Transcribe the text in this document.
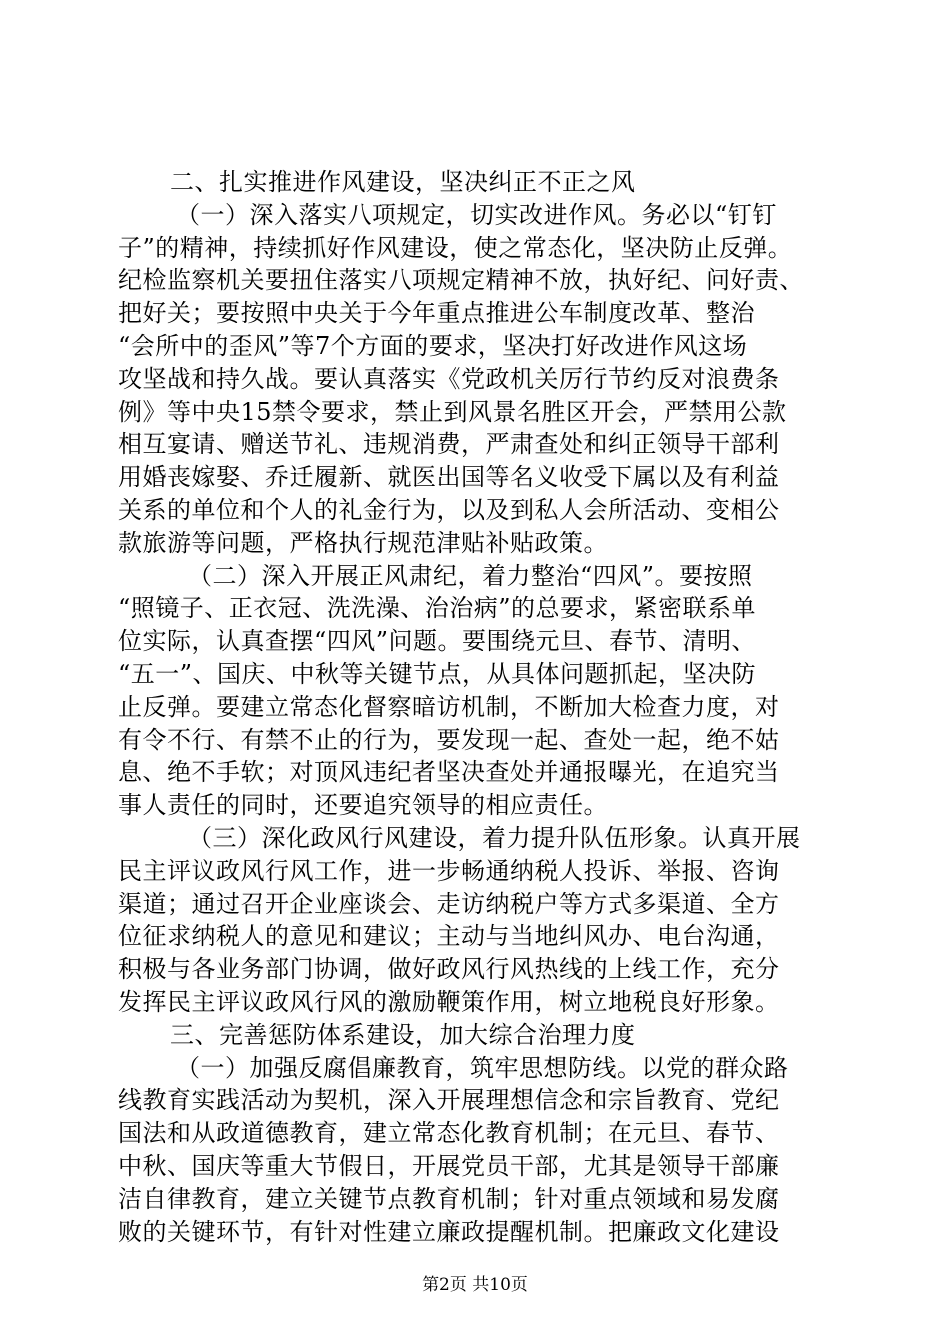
二、扎实推进作风建设，坚决纠正不正之风
（一）深入落实八项规定，切实改进作风。务必以“钉钉
子”的精神，持续抓好作风建设，使之常态化，坚决防止反弹。
纪检监察机关要扭住落实八项规定精神不放，执好纪、问好责、
把好关；要按照中央关于今年重点推进公车制度改革、整治
“会所中的歪风”等7个方面的要求，坚决打好改进作风这场
攻坚战和持久战。要认真落实《党政机关厉行节约反对浪费条
例》等中央15禁令要求，禁止到风景名胜区开会，严禁用公款
相互宴请、赠送节礼、违规消费，严肃查处和纠正领导干部利
用婚丧嫁娶、乔迁履新、就医出国等名义收受下属以及有利益
关系的单位和个人的礼金行为，以及到私人会所活动、变相公
款旅游等问题，严格执行规范津贴补贴政策。
（二）深入开展正风肃纪，着力整治“四风”。要按照
“照镜子、正衣冠、洗洗澡、治治病”的总要求，紧密联系单
位实际，认真查摆“四风”问题。要围绕元旦、春节、清明、
“五一”、国庆、中秋等关键节点，从具体问题抓起，坚决防
止反弹。要建立常态化督察暗访机制，不断加大检查力度，对
有令不行、有禁不止的行为，要发现一起、查处一起，绝不姑
息、绝不手软；对顶风违纪者坚决查处并通报曝光，在追究当
事人责任的同时，还要追究领导的相应责任。
（三）深化政风行风建设，着力提升队伍形象。认真开展
民主评议政风行风工作，进一步畅通纳税人投诉、举报、咨询
渠道；通过召开企业座谈会、走访纳税户等方式多渠道、全方
位征求纳税人的意见和建议；主动与当地纠风办、电台沟通，
积极与各业务部门协调，做好政风行风热线的上线工作，充分
发挥民主评议政风行风的激励鞭策作用，树立地税良好形象。
三、完善惩防体系建设，加大综合治理力度
（一）加强反腐倡廉教育，筑牢思想防线。以党的群众路
线教育实践活动为契机，深入开展理想信念和宗旨教育、党纪
国法和从政道德教育，建立常态化教育机制；在元旦、春节、
中秋、国庆等重大节假日，开展党员干部，尤其是领导干部廉
洁自律教育，建立关键节点教育机制；针对重点领域和易发腐
败的关键环节，有针对性建立廉政提醒机制。把廉政文化建设
第2页 共10页
